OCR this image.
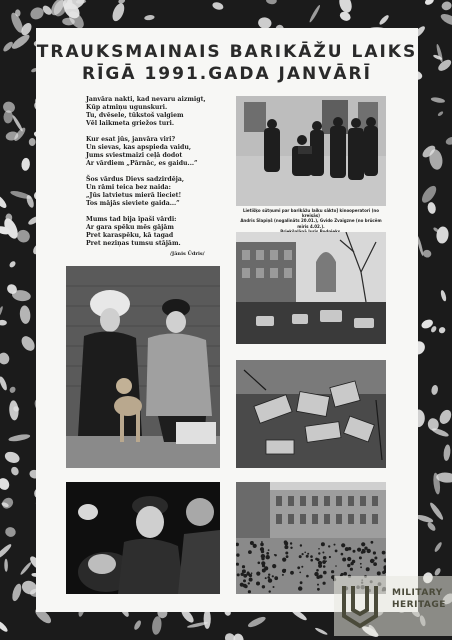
TRAUKSMAINAIS BARIKĀŽU LAIKS
RĪGĀ 1991.GADA JANVĀRĪ
Janvāra nakti, kad nevaru aizmigt,
Kūp atmiņu ugunskuri.
Tu, dvēsele, tūkstoš valgiem
Vēl laikmeta griežos turi.
Kur esat jūs, janvāra viri?
Un sievas, kas apspieda vaidu,
Jums sviestmaizi ceļā dodot
Ar vārdiem „Pārnāc, es gaidu...”
Šos vārdus Dievs sadzirdēja,
Un rāmi teica bez naida:
„Jūs latvietus mierā lieciet!
Tos mājās sieviete gaida...”
Mums tad bija īpaši vārdi:
Ar gara spēku mēs gājām
Pret karaspēku, kā tagad
Pret neziņas tumsu stājām.
/Jānis Ūdris/
Lietišķo sūtņumi par barikāžu laiku sākto] kinooperatori (no kreisās)
Andris Slapiņš (nogalināts 20.01.), Gvido Zvaigzne (no brūcēm miris 4.02.).
MILITARY
HERITAGE
